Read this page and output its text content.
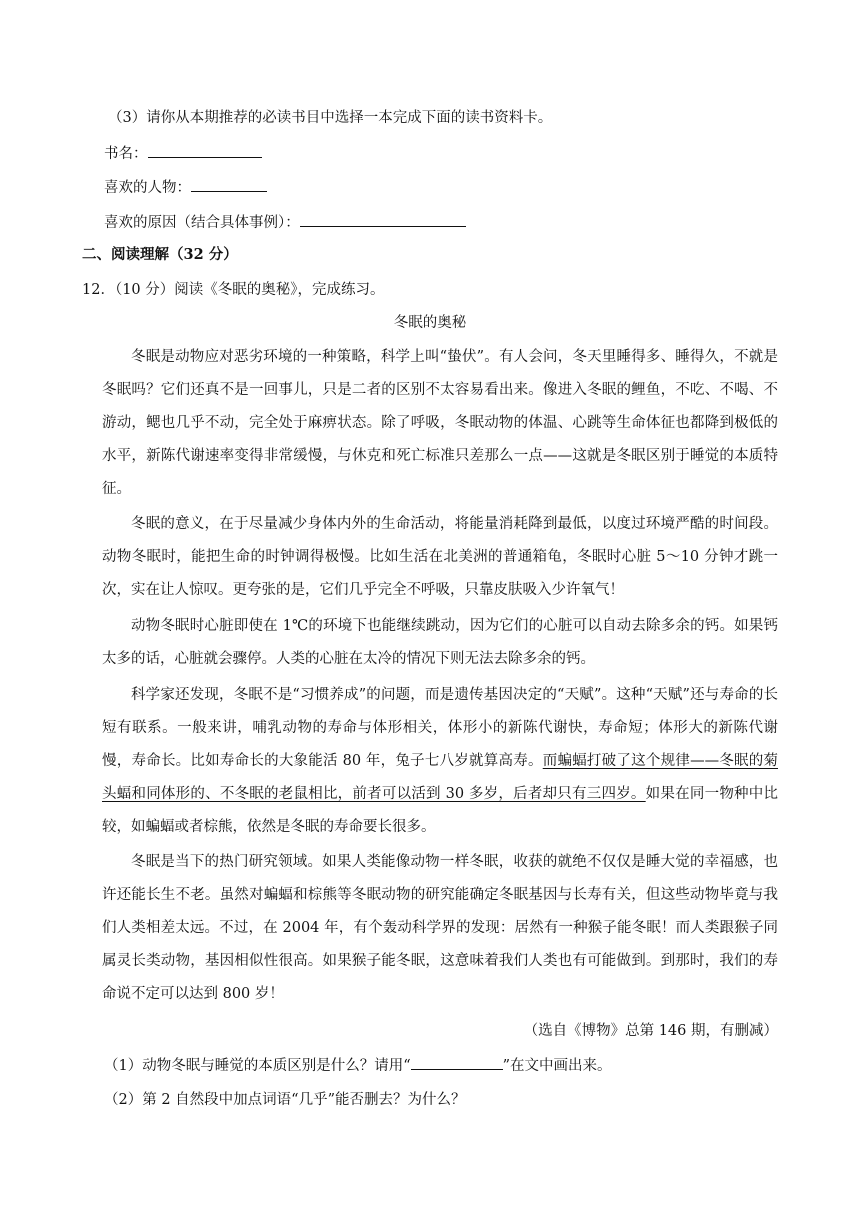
（3）请你从本期推荐的必读书目中选择一本完成下面的读书资料卡。
书名：
喜欢的人物：
喜欢的原因（结合具体事例）：
二、阅读理解（32 分）
12．（10 分）阅读《冬眠的奥秘》，完成练习。
冬眠的奥秘
冬眠是动物应对恶劣环境的一种策略，科学上叫“蛰伏”。有人会问，冬天里睡得多、睡得久，不就是冬眠吗？它们还真不是一回事儿，只是二者的区别不太容易看出来。像进入冬眠的鲤鱼，不吃、不喝、不游动，鳃也几乎不动，完全处于麻痹状态。除了呼吸，冬眠动物的体温、心跳等生命体征也都降到极低的水平，新陈代谢速率变得非常缓慢，与休克和死亡标准只差那么一点——这就是冬眠区别于睡觉的本质特征。
冬眠的意义，在于尽量减少身体内外的生命活动，将能量消耗降到最低，以度过环境严酷的时间段。动物冬眠时，能把生命的时钟调得极慢。比如生活在北美洲的普通箱龟，冬眠时心脏 5～10 分钟才跳一次，实在让人惊叹。更夸张的是，它们几乎完全不呼吸，只靠皮肤吸入少许氧气！
动物冬眠时心脏即使在 1℃的环境下也能继续跳动，因为它们的心脏可以自动去除多余的钙。如果钙太多的话，心脏就会骤停。人类的心脏在太冷的情况下则无法去除多余的钙。
科学家还发现，冬眠不是“习惯养成”的问题，而是遗传基因决定的“天赋”。这种“天赋”还与寿命的长短有联系。一般来讲，哺乳动物的寿命与体形相关，体形小的新陈代谢快，寿命短；体形大的新陈代谢慢，寿命长。比如寿命长的大象能活 80 年，兔子七八岁就算高寿。而蝙蝠打破了这个规律——冬眠的菊头蝠和同体形的、不冬眠的老鼠相比，前者可以活到 30 多岁，后者却只有三四岁。如果在同一物种中比较，如蝙蝠或者棕熊，依然是冬眠的寿命要长很多。
冬眠是当下的热门研究领域。如果人类能像动物一样冬眠，收获的就绝不仅仅是睡大觉的幸福感，也许还能长生不老。虽然对蝙蝠和棕熊等冬眠动物的研究能确定冬眠基因与长寿有关，但这些动物毕竟与我们人类相差太远。不过，在 2004 年，有个轰动科学界的发现：居然有一种猴子能冬眠！而人类跟猴子同属灵长类动物，基因相似性很高。如果猴子能冬眠，这意味着我们人类也有可能做到。到那时，我们的寿命说不定可以达到 800 岁！
（选自《博物》总第 146 期，有删减）
（1）动物冬眠与睡觉的本质区别是什么？请用“	”在文中画出来。
（2）第 2 自然段中加点词语“几乎”能否删去？为什么？
